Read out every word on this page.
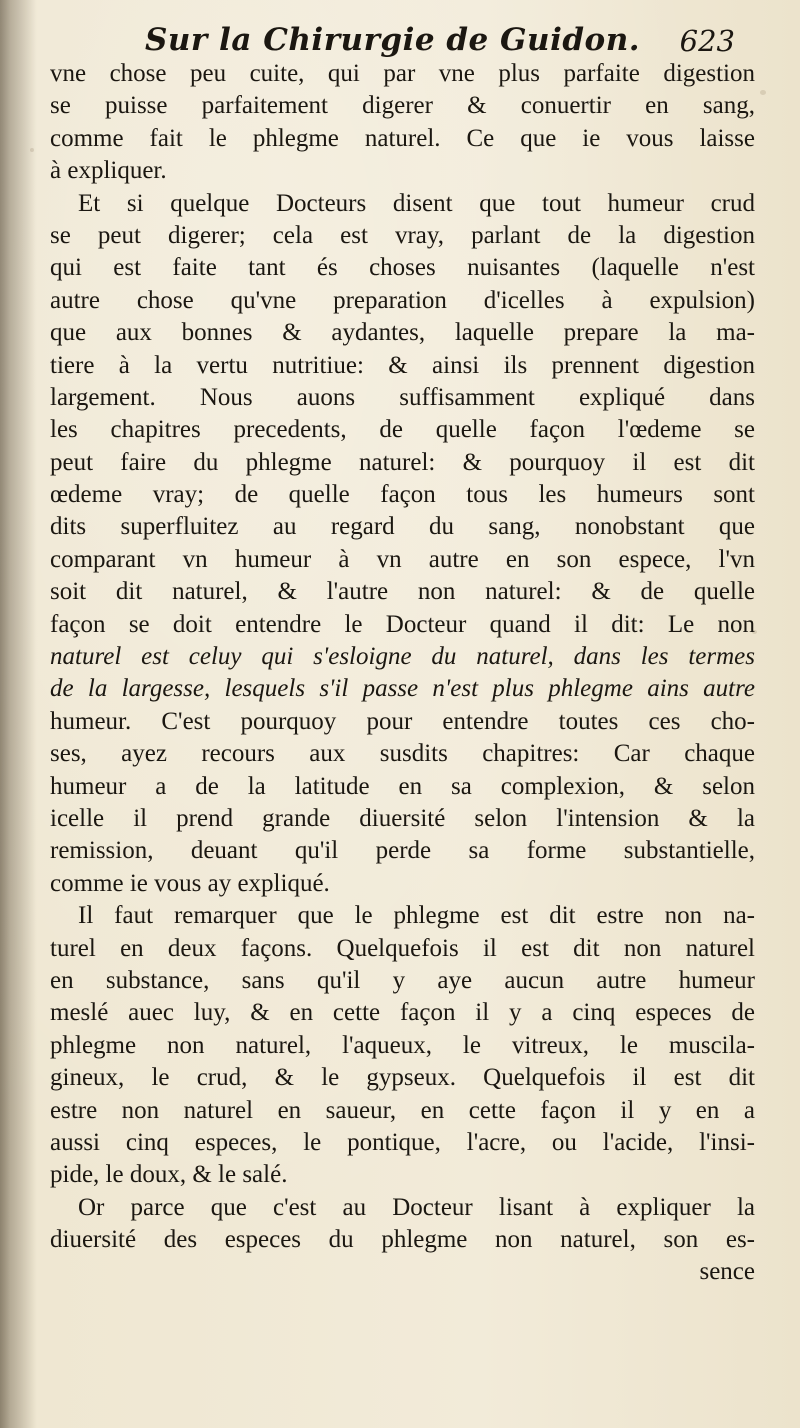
Sur la Chirurgie de Guidon. 623
vne chose peu cuite, qui par vne plus parfaite digestion
se puisse parfaitement digerer & conuertir en sang,
comme fait le phlegme naturel. Ce que ie vous laisse
à expliquer.
Et si quelque Docteurs disent que tout humeur crud
se peut digerer; cela est vray, parlant de la digestion
qui est faite tant és choses nuisantes (laquelle n'est
autre chose qu'vne preparation d'icelles à expulsion)
que aux bonnes & aydantes, laquelle prepare la ma-
tiere à la vertu nutritiue: & ainsi ils prennent digestion
largement. Nous auons suffisamment expliqué dans
les chapitres precedents, de quelle façon l'œdeme se
peut faire du phlegme naturel: & pourquoy il est dit
œdeme vray; de quelle façon tous les humeurs sont
dits superfluitez au regard du sang, nonobstant que
comparant vn humeur à vn autre en son espece, l'vn
soit dit naturel, & l'autre non naturel: & de quelle
façon se doit entendre le Docteur quand il dit: Le non
naturel est celuy qui s'esloigne du naturel, dans les termes
de la largesse, lesquels s'il passe n'est plus phlegme ains autre
humeur. C'est pourquoy pour entendre toutes ces cho-
ses, ayez recours aux susdits chapitres: Car chaque
humeur a de la latitude en sa complexion, & selon
icelle il prend grande diuersité selon l'intension & la
remission, deuant qu'il perde sa forme substantielle,
comme ie vous ay expliqué.
Il faut remarquer que le phlegme est dit estre non na-
turel en deux façons. Quelquefois il est dit non naturel
en substance, sans qu'il y aye aucun autre humeur
meslé auec luy, & en cette façon il y a cinq especes de
phlegme non naturel, l'aqueux, le vitreux, le muscila-
gineux, le crud, & le gypseux. Quelquefois il est dit
estre non naturel en saueur, en cette façon il y en a
aussi cinq especes, le pontique, l'acre, ou l'acide, l'insi-
pide, le doux, & le salé.
Or parce que c'est au Docteur lisant à expliquer la
diuersité des especes du phlegme non naturel, son es-
sence
